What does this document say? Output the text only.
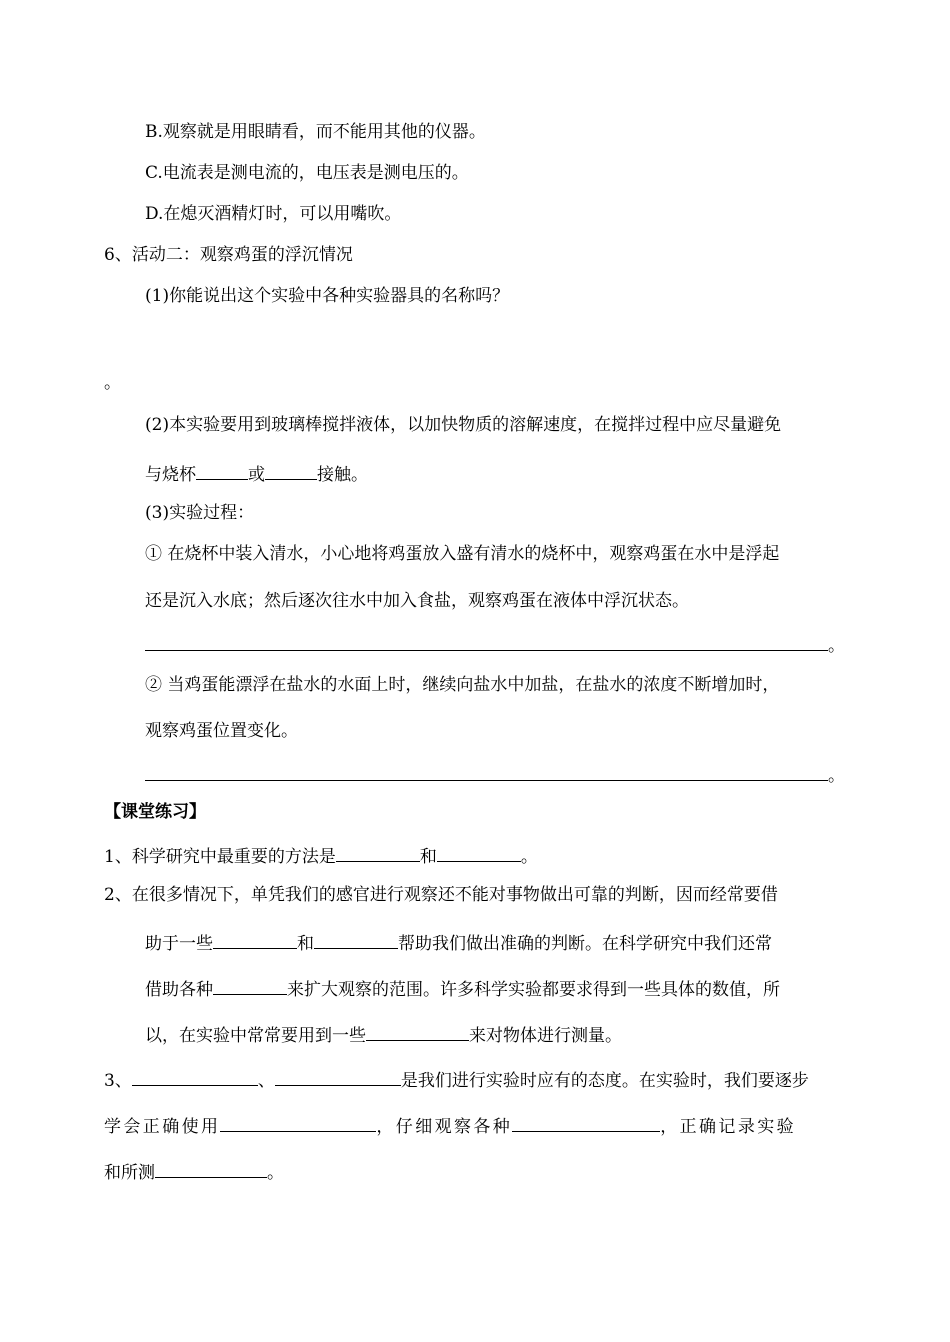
B.观察就是用眼睛看，而不能用其他的仪器。
C.电流表是测电流的，电压表是测电压的。
D.在熄灭酒精灯时，可以用嘴吹。
6、活动二：观察鸡蛋的浮沉情况
(1)你能说出这个实验中各种实验器具的名称吗？
。
(2)本实验要用到玻璃棒搅拌液体，以加快物质的溶解速度，在搅拌过程中应尽量避免
与烧杯	或	接触。
(3)实验过程：
① 在烧杯中装入清水，小心地将鸡蛋放入盛有清水的烧杯中，观察鸡蛋在水中是浮起
还是沉入水底；然后逐次往水中加入食盐，观察鸡蛋在液体中浮沉状态。
。
② 当鸡蛋能漂浮在盐水的水面上时，继续向盐水中加盐，在盐水的浓度不断增加时，
观察鸡蛋位置变化。
。
【课堂练习】
1、科学研究中最重要的方法是	和	。
2、在很多情况下，单凭我们的感官进行观察还不能对事物做出可靠的判断，因而经常要借
助于一些	和	帮助我们做出准确的判断。在科学研究中我们还常
借助各种	来扩大观察的范围。许多科学实验都要求得到一些具体的数值，所
以，在实验中常常要用到一些	来对物体进行测量。
3、	、	是我们进行实验时应有的态度。在实验时，我们要逐步
学会正确使用	，仔细观察各种	，正确记录实验
和所测	。
